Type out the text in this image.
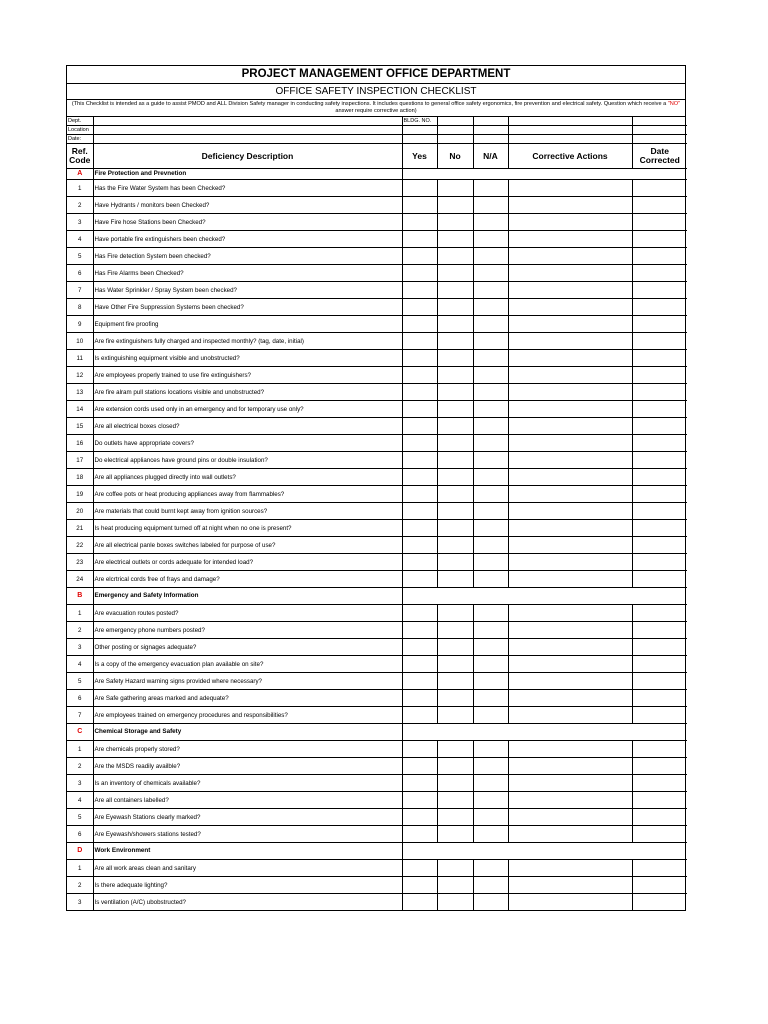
PROJECT MANAGEMENT OFFICE DEPARTMENT
OFFICE SAFETY INSPECTION CHECKLIST
(This Checklist is intended as a guide to assist PMOD and ALL Division Safety manager in conducting safety inspections. It includes questions to general office safety ergonomics, fire prevention and electrical safety. Question which receive a "NO" answer require corrective action)
Dept.		BLDG. NO.				
Location						
Date:						
Ref. Code	Deficiency Description	Yes	No	N/A	Corrective Actions	Date Corrected
A	Fire Protection and Prevnetion					
1	Has the Fire Water System has been Checked?					
2	Have Hydrants / monitors been Checked?					
3	Have Fire hose Stations been Checked?					
4	Have portable fire extinguishers been checked?					
5	Has Fire detection System been checked?					
6	Has Fire Alarms been Checked?					
7	Has Water Sprinkler / Spray System been checked?					
8	Have Other Fire Suppression Systems been checked?					
9	Equipment fire proofing					
10	Are fire extinguishers fully charged and inspected monthly? (tag, date, initial)					
11	Is extinguishing equipment visible and unobstructed?					
12	Are employees properly trained to use fire extinguishers?					
13	Are fire alram pull stations locations visible and unobstructed?					
14	Are extension cords used only in an emergency and for temporary use only?					
15	Are all electrical boxes closed?					
16	Do outlets have appropriate covers?					
17	Do electrical appliances have ground pins or double insulation?					
18	Are all appliances plugged directly into wall outlets?					
19	Are coffee pots or heat producing appliances away from flammables?					
20	Are materials that could burnt kept away from ignition sources?					
21	Is heat producing equipment turned off at night when no one is present?					
22	Are all electrical panle boxes switches labeled for purpose of use?					
23	Are electrical outlets or cords adequate for intended load?					
24	Are elcrtrical cords free of frays and damage?					
B	Emergency and Safety Information					
1	Are evacuation routes posted?					
2	Are emergency phone numbers posted?					
3	Other posting or signages adequate?					
4	Is a copy of the emergency evacuation plan available on site?					
5	Are Safety Hazard warning signs provided where necessary?					
6	Are Safe gathering areas marked and adequate?					
7	Are employees trained on emergency procedures and responsibilities?					
C	Chemical Storage and Safety					
1	Are chemicals properly stored?					
2	Are the MSDS readily availble?					
3	Is an inventory of chemicals available?					
4	Are all containers labelled?					
5	Are Eyewash Stations clearly marked?					
6	Are Eyewash/showers stations tested?					
D	Work Environment					
1	Are all work areas clean and sanitary					
2	Is there adequate lighting?					
3	Is ventilation (A/C) ubobstructed?					
